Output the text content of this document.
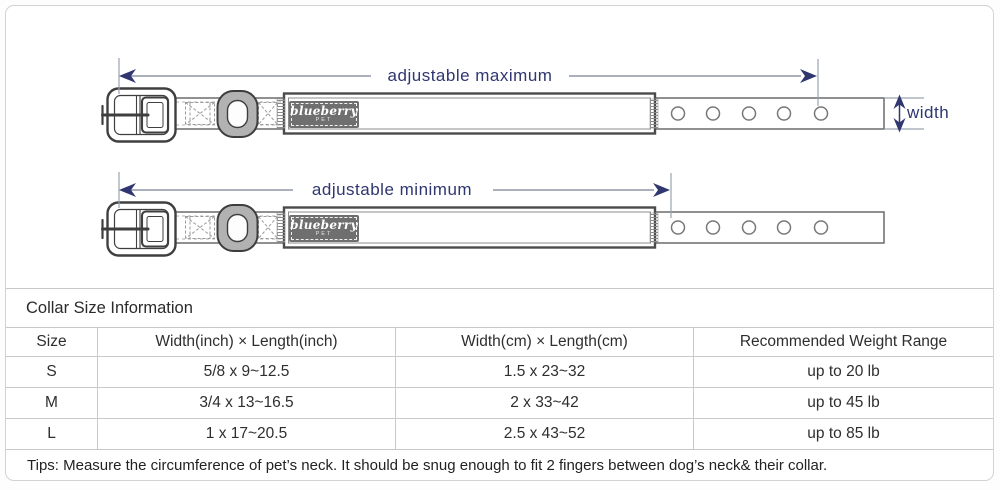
adjustable maximum
adjustable minimum
width
blueberry
PET
blueberry
PET
Collar Size Information
Size	Width(inch) × Length(inch)	Width(cm) × Length(cm)	Recommended Weight Range
S	5/8 x 9~12.5	1.5 x 23~32	up to 20 lb
M	3/4 x 13~16.5	2 x 33~42	up to 45 lb
L	1 x 17~20.5	2.5 x 43~52	up to 85 lb
Tips: Measure the circumference of pet’s neck. It should be snug enough to fit 2 fingers between dog’s neck& their collar.
